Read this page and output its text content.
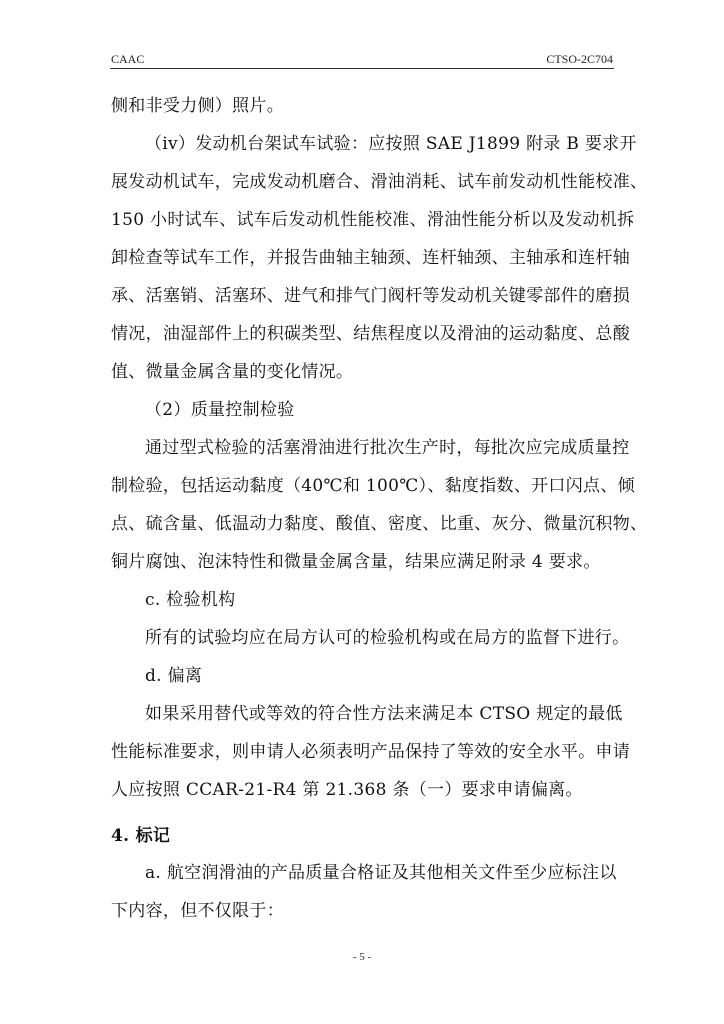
CAAC	CTSO-2C704
侧和非受力侧）照片。
（iv）发动机台架试车试验：应按照 SAE J1899 附录 B 要求开
展发动机试车，完成发动机磨合、滑油消耗、试车前发动机性能校准、
150 小时试车、试车后发动机性能校准、滑油性能分析以及发动机拆
卸检查等试车工作，并报告曲轴主轴颈、连杆轴颈、主轴承和连杆轴
承、活塞销、活塞环、进气和排气门阀杆等发动机关键零部件的磨损
情况，油湿部件上的积碳类型、结焦程度以及滑油的运动黏度、总酸
值、微量金属含量的变化情况。
（2）质量控制检验
通过型式检验的活塞滑油进行批次生产时，每批次应完成质量控
制检验，包括运动黏度（40℃和 100℃）、黏度指数、开口闪点、倾
点、硫含量、低温动力黏度、酸值、密度、比重、灰分、微量沉积物、
铜片腐蚀、泡沫特性和微量金属含量，结果应满足附录 4 要求。
c. 检验机构
所有的试验均应在局方认可的检验机构或在局方的监督下进行。
d. 偏离
如果采用替代或等效的符合性方法来满足本 CTSO 规定的最低
性能标准要求，则申请人必须表明产品保持了等效的安全水平。申请
人应按照 CCAR-21-R4 第 21.368 条（一）要求申请偏离。
4. 标记
a. 航空润滑油的产品质量合格证及其他相关文件至少应标注以
下内容，但不仅限于：
- 5 -
